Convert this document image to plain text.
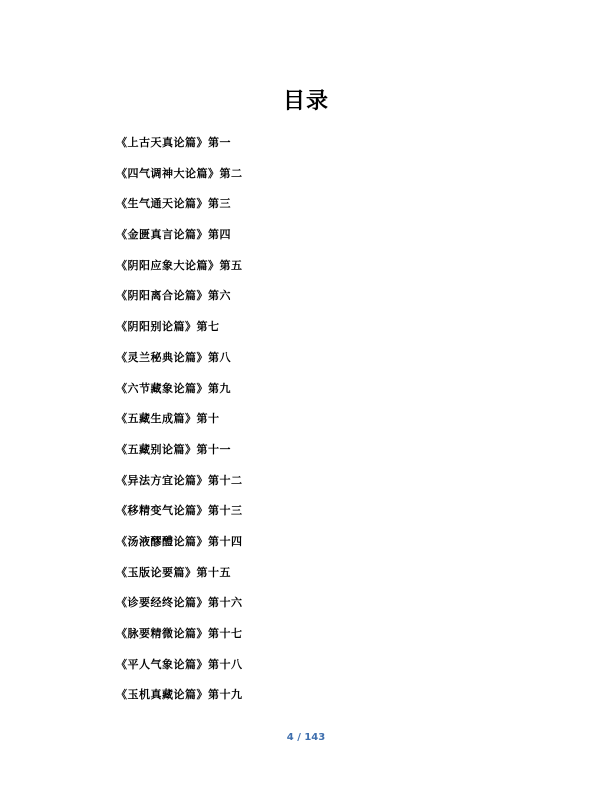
目录
《上古天真论篇》第一
《四气调神大论篇》第二
《生气通天论篇》第三
《金匮真言论篇》第四
《阴阳应象大论篇》第五
《阴阳离合论篇》第六
《阴阳别论篇》第七
《灵兰秘典论篇》第八
《六节藏象论篇》第九
《五藏生成篇》第十
《五藏别论篇》第十一
《异法方宜论篇》第十二
《移精变气论篇》第十三
《汤液醪醴论篇》第十四
《玉版论要篇》第十五
《诊要经终论篇》第十六
《脉要精微论篇》第十七
《平人气象论篇》第十八
《玉机真藏论篇》第十九
4 / 143
